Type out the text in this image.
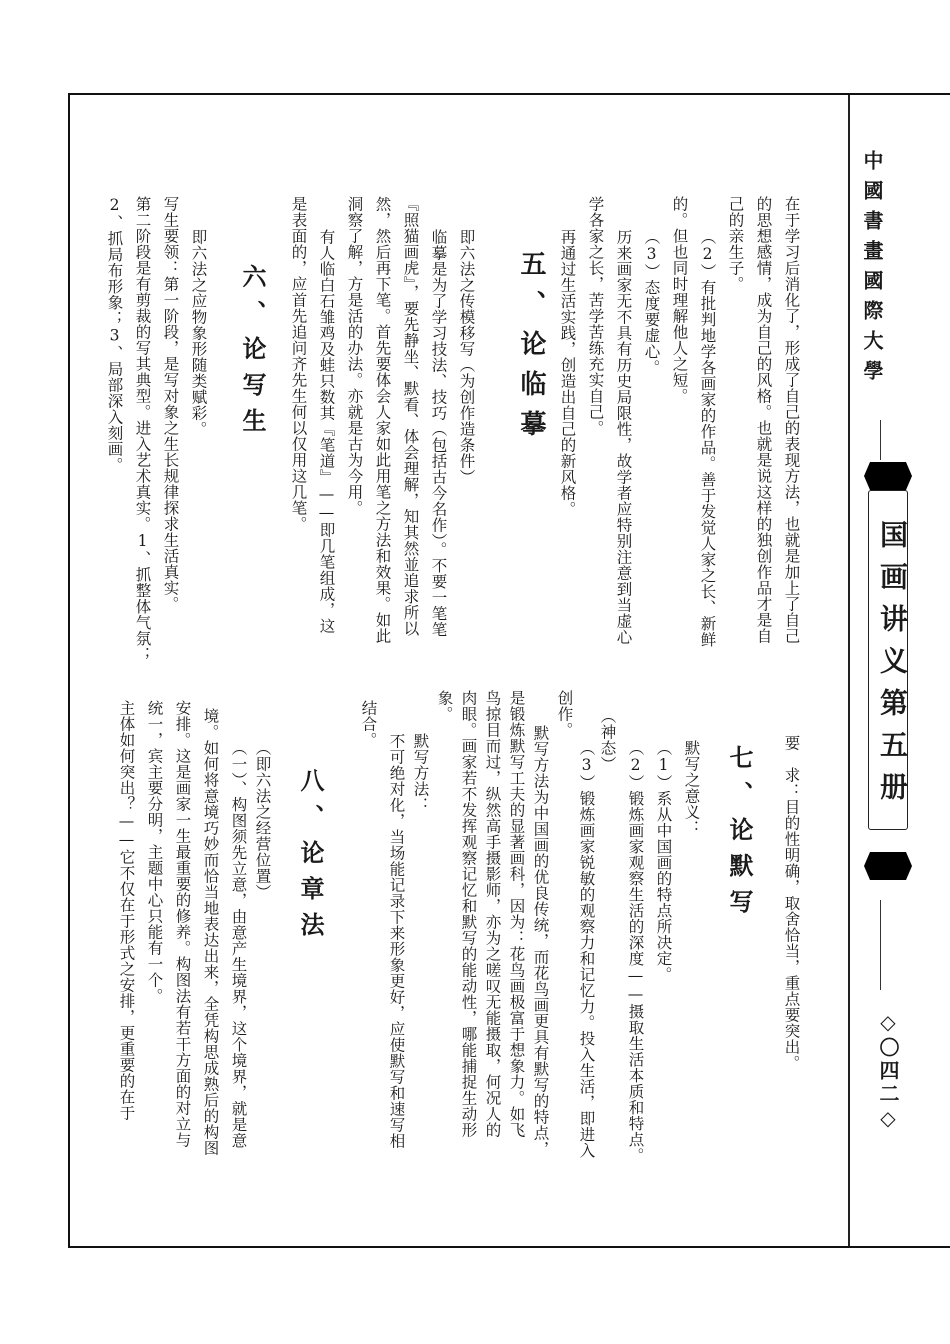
中國書畫國際大學
国画讲义第五册
◇〇四二◇
在于学习后消化了，形成了自己的表现方法，也就是加上了自己
的思想感情，成为自己的风格。也就是说这样的独创作品才是自
己的亲生子。
（2）有批判地学各画家的作品。善于发觉人家之长、新鲜
的。但也同时理解他人之短。
（3）态度要虚心。
历来画家无不具有历史局限性，故学者应特别注意到当虚心
学各家之长，苦学苦练充实自己。
再通过生活实践，创造出自己的新风格。
五、论临摹
即六法之传模移写（为创作造条件）
临摹是为了学习技法、技巧（包括古今名作）。不要一笔笔
『照猫画虎』，要先静坐、默看、体会理解，知其然並追求所以
然，然后再下笔。首先要体会人家如此用笔之方法和效果。如此
洞察了解，方是活的办法。亦就是古为今用。
有人临白石雏鸡及蛙只数其『笔道』——即几笔组成，这
是表面的，应首先追问齐先生何以仅用这几笔。
六、论写生
即六法之应物象形随类赋彩。
写生要领：第一阶段，是写对象之生长规律探求生活真实。
第二阶段是有剪裁的写其典型。进入艺术真实。1、抓整体气氛；
2、抓局布形象；3、局部深入刻画。
要　求：目的性明确，取舍恰当，重点要突出。
七、论默写
默写之意义：
（1）系从中国画的特点所决定。
（2）锻炼画家观察生活的深度——摄取生活本质和特点。
（神态）
（3）锻炼画家锐敏的观察力和记忆力。投入生活，即进入
创作。
默写方法为中国画的优良传统，而花鸟画更具有默写的特点，
是锻炼默写工夫的显著画科，因为：花鸟画极富于想象力。如飞
鸟掠目而过，纵然高手摄影师，亦为之嗟叹无能摄取，何况人的
肉眼。画家若不发挥观察记忆和默写的能动性，哪能捕捉生动形
象。
默写方法：
不可绝对化，当场能记录下来形象更好，应使默写和速写相
结合。
八、论章法
（即六法之经营位置）
（一）、构图须先立意，由意产生境界，这个境界，就是意
境。如何将意境巧妙而恰当地表达出来，全凭构思成熟后的构图
安排。这是画家一生最重要的修养。构图法有若干方面的对立与
统一，宾主要分明，主题中心只能有一个。
主体如何突出？——它不仅在于形式之安排，更重要的在于
